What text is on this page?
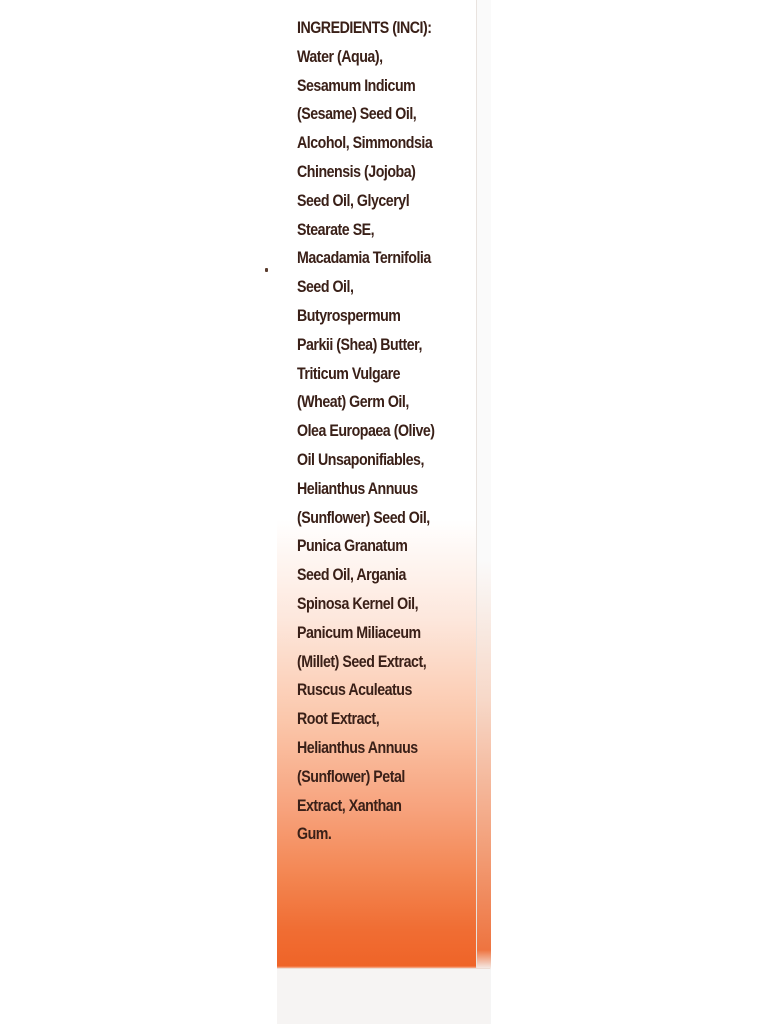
INGREDIENTS (INCI):
Water (Aqua),
Sesamum Indicum
(Sesame) Seed Oil,
Alcohol, Simmondsia
Chinensis (Jojoba)
Seed Oil, Glyceryl
Stearate SE,
Macadamia Ternifolia
Seed Oil,
Butyrospermum
Parkii (Shea) Butter,
Triticum Vulgare
(Wheat) Germ Oil,
Olea Europaea (Olive)
Oil Unsaponifiables,
Helianthus Annuus
(Sunflower) Seed Oil,
Punica Granatum
Seed Oil, Argania
Spinosa Kernel Oil,
Panicum Miliaceum
(Millet) Seed Extract,
Ruscus Aculeatus
Root Extract,
Helianthus Annuus
(Sunflower) Petal
Extract, Xanthan
Gum.
